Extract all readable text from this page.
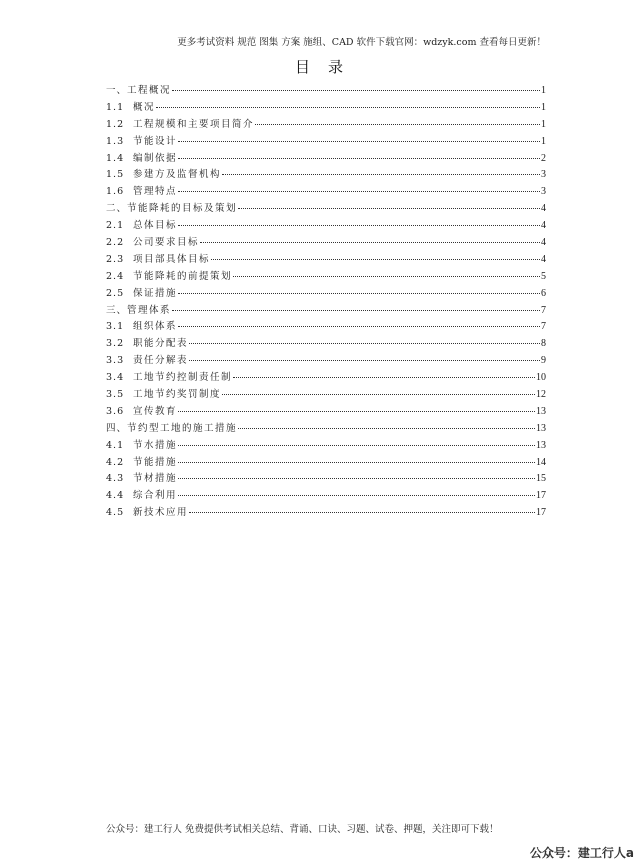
更多考试资料 规范 图集 方案 施组、CAD 软件下载官网：wdzyk.com 查看每日更新！
目录
一、 工程概况	1
1.1 概况	1
1.2 工程规模和主要项目简介	1
1.3 节能设计	1
1.4 编制依据	2
1.5 参建方及监督机构	3
1.6 管理特点	3
二、 节能降耗的目标及策划	4
2.1 总体目标	4
2.2 公司要求目标	4
2.3 项目部具体目标	4
2.4 节能降耗的前提策划	5
2.5 保证措施	6
三、 管理体系	7
3.1 组织体系	7
3.2 职能分配表	8
3.3 责任分解表	9
3.4 工地节约控制责任制	10
3.5 工地节约奖罚制度	12
3.6 宣传教育	13
四、 节约型工地的施工措施	13
4.1 节水措施	13
4.2 节能措施	14
4.3 节材措施	15
4.4 综合利用	17
4.5 新技术应用	17
公众号：建工行人 免费提供考试相关总结、背诵、口诀、习题、试卷、押题，关注即可下载！
公众号：建工行人a
